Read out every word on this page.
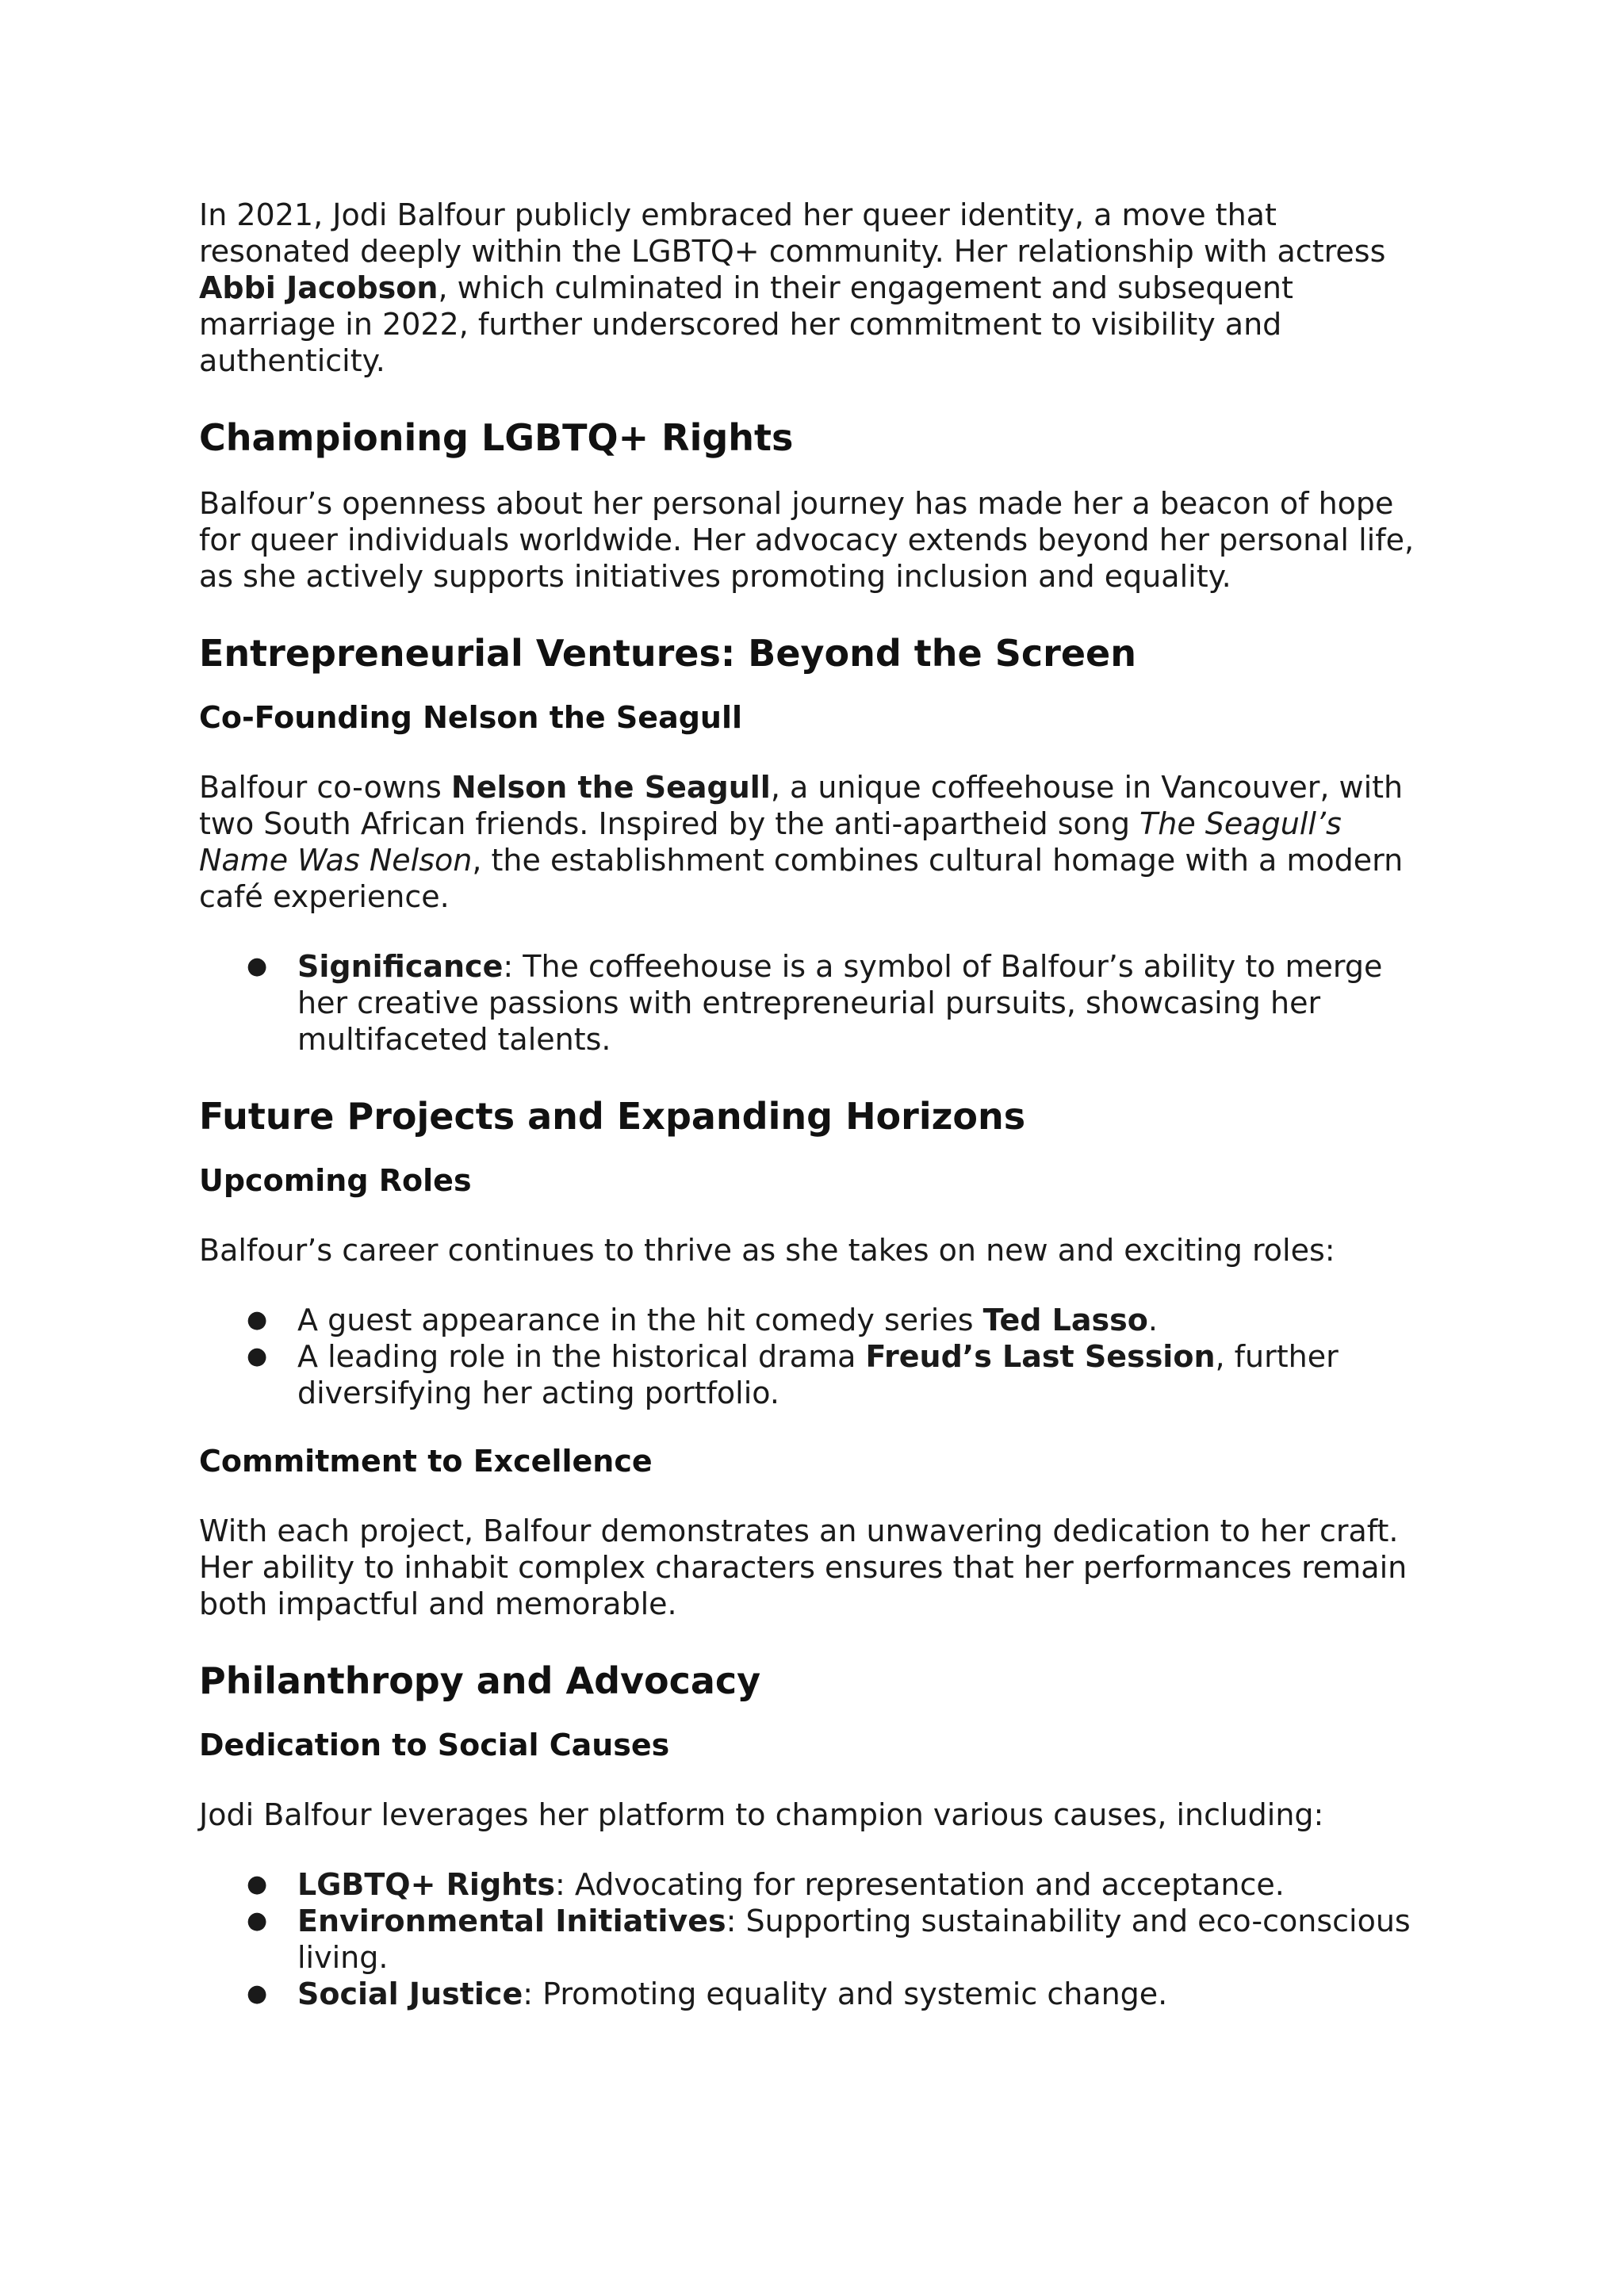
In 2021, Jodi Balfour publicly embraced her queer identity, a move that resonated deeply within the LGBTQ+ community. Her relationship with actress Abbi Jacobson, which culminated in their engagement and subsequent marriage in 2022, further underscored her commitment to visibility and authenticity.

Championing LGBTQ+ Rights

Balfour’s openness about her personal journey has made her a beacon of hope for queer individuals worldwide. Her advocacy extends beyond her personal life, as she actively supports initiatives promoting inclusion and equality.

Entrepreneurial Ventures: Beyond the Screen
Co-Founding Nelson the Seagull

Balfour co-owns Nelson the Seagull, a unique coffeehouse in Vancouver, with two South African friends. Inspired by the anti-apartheid song The Seagull’s Name Was Nelson, the establishment combines cultural homage with a modern café experience.

● Significance: The coffeehouse is a symbol of Balfour’s ability to merge her creative passions with entrepreneurial pursuits, showcasing her multifaceted talents.
Future Projects and Expanding Horizons
Upcoming Roles

Balfour’s career continues to thrive as she takes on new and exciting roles:

● A guest appearance in the hit comedy series Ted Lasso.
● A leading role in the historical drama Freud’s Last Session, further diversifying her acting portfolio.
Commitment to Excellence

With each project, Balfour demonstrates an unwavering dedication to her craft. Her ability to inhabit complex characters ensures that her performances remain both impactful and memorable.

Philanthropy and Advocacy
Dedication to Social Causes

Jodi Balfour leverages her platform to champion various causes, including:

● LGBTQ+ Rights: Advocating for representation and acceptance.
● Environmental Initiatives: Supporting sustainability and eco-conscious living.
● Social Justice: Promoting equality and systemic change.
